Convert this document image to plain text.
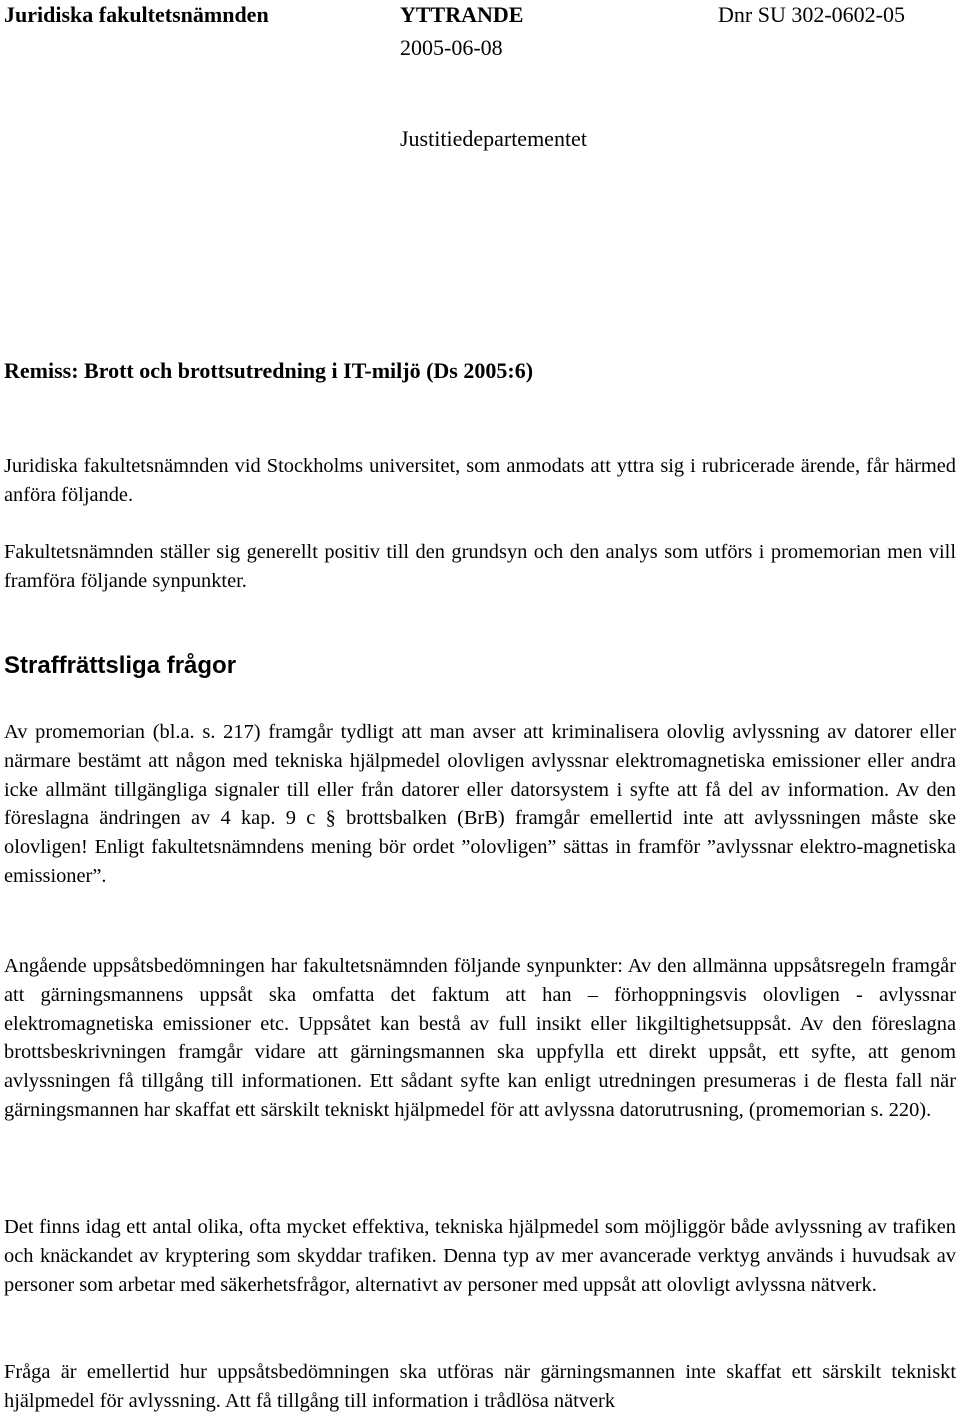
Juridiska fakultetsnämnden	YTTRANDE	Dnr SU 302-0602-05
2005-06-08
Justitiedepartementet
Remiss: Brott och brottsutredning i IT-miljö (Ds 2005:6)

Juridiska fakultetsnämnden vid Stockholms universitet, som anmodats att yttra sig i rubricerade ärende, får härmed anföra följande.

Fakultetsnämnden ställer sig generellt positiv till den grundsyn och den analys som utförs i promemorian men vill framföra följande synpunkter.

Straffrättsliga frågor

Av promemorian (bl.a. s. 217) framgår tydligt att man avser att kriminalisera olovlig avlyssning av datorer eller närmare bestämt att någon med tekniska hjälpmedel olovligen avlyssnar elektromagnetiska emissioner eller andra icke allmänt tillgängliga signaler till eller från datorer eller datorsystem i syfte att få del av information. Av den föreslagna ändringen av 4 kap. 9 c § brottsbalken (BrB) framgår emellertid inte att avlyssningen måste ske olovligen! Enligt fakultetsnämndens mening bör ordet ”olovligen” sättas in framför ”avlyssnar elektro-magnetiska emissioner”.

Angående uppsåtsbedömningen har fakultetsnämnden följande synpunkter: Av den allmänna uppsåtsregeln framgår att gärningsmannens uppsåt ska omfatta det faktum att han – förhoppningsvis olovligen - avlyssnar elektromagnetiska emissioner etc. Uppsåtet kan bestå av full insikt eller likgiltighetsuppsåt. Av den föreslagna brottsbeskrivningen framgår vidare att gärningsmannen ska uppfylla ett direkt uppsåt, ett syfte, att genom avlyssningen få tillgång till informationen. Ett sådant syfte kan enligt utredningen presumeras i de flesta fall när gärningsmannen har skaffat ett särskilt tekniskt hjälpmedel för att avlyssna datorutrusning, (promemorian s. 220).

Det finns idag ett antal olika, ofta mycket effektiva, tekniska hjälpmedel som möjliggör både avlyssning av trafiken och knäckandet av kryptering som skyddar trafiken. Denna typ av mer avancerade verktyg används i huvudsak av personer som arbetar med säkerhetsfrågor, alternativt av personer med uppsåt att olovligt avlyssna nätverk.

Fråga är emellertid hur uppsåtsbedömningen ska utföras när gärningsmannen inte skaffat ett särskilt tekniskt hjälpmedel för avlyssning. Att få tillgång till information i trådlösa nätverk
